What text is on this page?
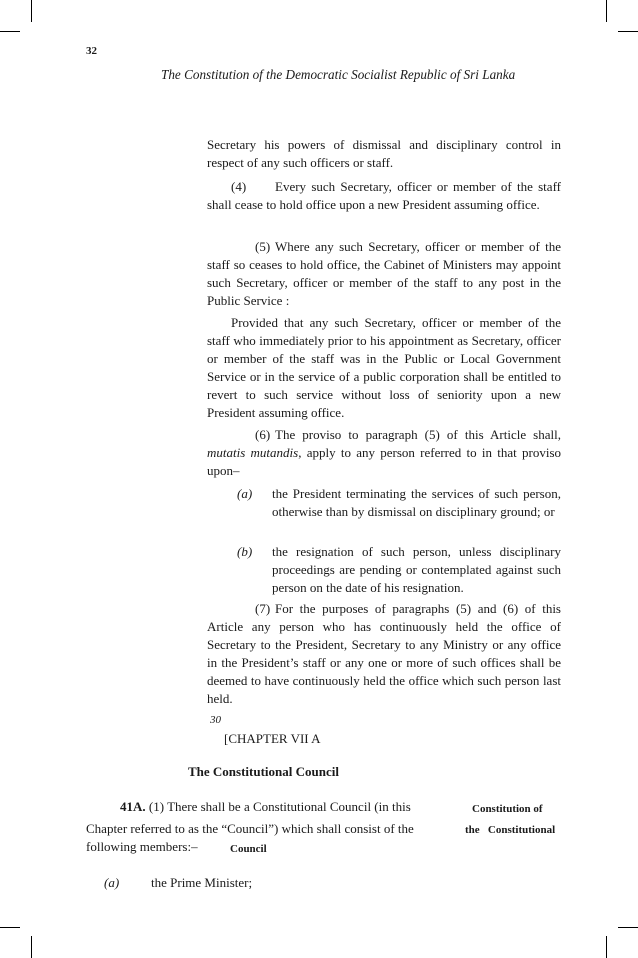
32
The Constitution of the Democratic Socialist Republic of Sri Lanka
Secretary his powers of dismissal and disciplinary control in respect of any such officers or staff.
(4) Every such Secretary, officer or member of the staff shall cease to hold office upon a new President assuming office.
(5) Where any such Secretary, officer or member of the staff so ceases to hold office, the Cabinet of Ministers may appoint such Secretary, officer or member of the staff to any post in the Public Service :
Provided that any such Secretary, officer or member of the staff who immediately prior to his appointment as Secretary, officer or member of the staff was in the Public or Local Government Service or in the service of a public corporation shall be entitled to revert to such service without loss of seniority upon a new President assuming office.
(6) The proviso to paragraph (5) of this Article shall, mutatis mutandis, apply to any person referred to in that proviso upon–
(a) the President terminating the services of such person, otherwise than by dismissal on disciplinary ground; or
(b) the resignation of such person, unless disciplinary proceedings are pending or contemplated against such person on the date of his resignation.
(7) For the purposes of paragraphs (5) and (6) of this Article any person who has continuously held the office of Secretary to the President, Secretary to any Ministry or any office in the President’s staff or any one or more of such offices shall be deemed to have continuously held the office which such person last held.
30
[CHAPTER VII A
The Constitutional Council
41A. (1) There shall be a Constitutional Council (in this
Chapter referred to as the “Council”) which shall consist of the
following members:–
Constitution of
the   Constitutional
Council
(a) the Prime Minister;
